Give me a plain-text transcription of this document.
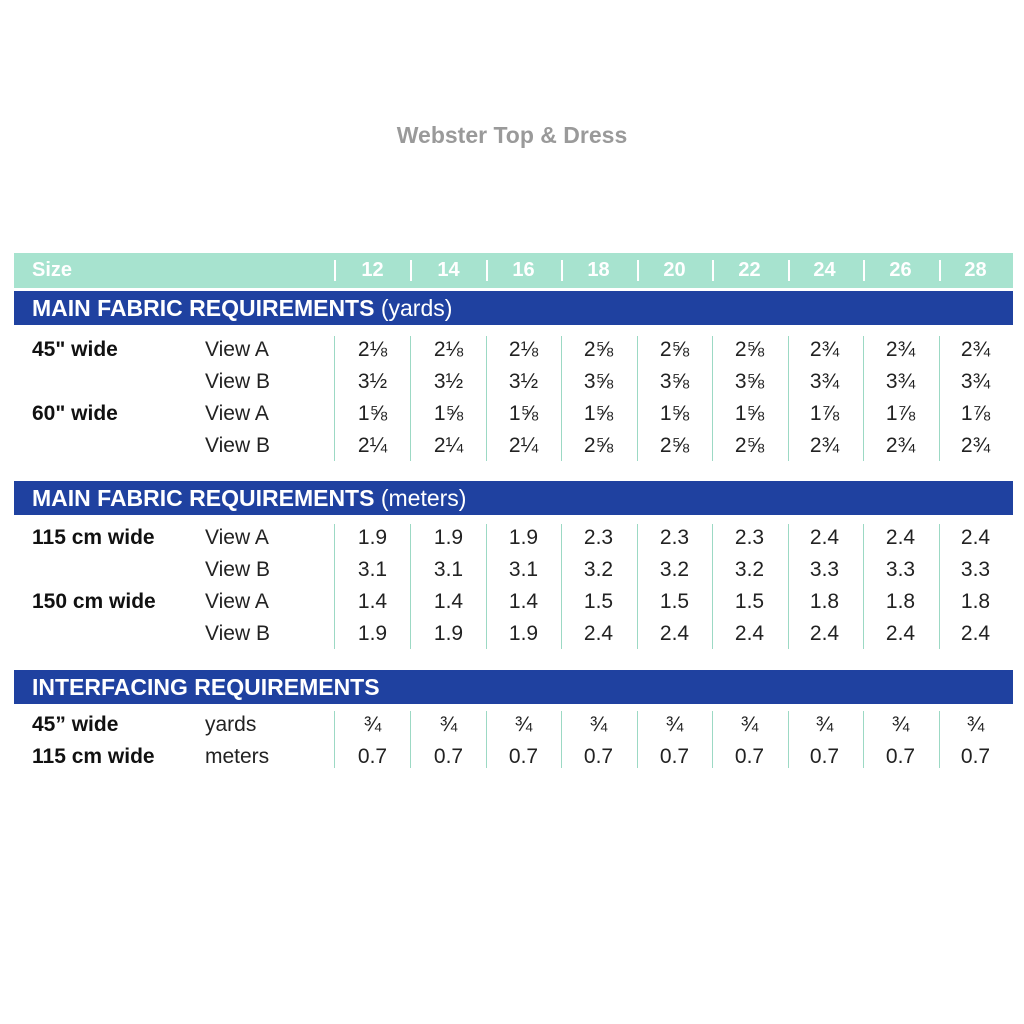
Webster Top & Dress
Size	12	14	16	18	20	22	24	26	28
MAIN FABRIC REQUIREMENTS (yards)
45" wide	View A	2⅛	2⅛	2⅛	2⅝	2⅝	2⅝	2¾	2¾	2¾
View B	3½	3½	3½	3⅝	3⅝	3⅝	3¾	3¾	3¾
60" wide	View A	1⅝	1⅝	1⅝	1⅝	1⅝	1⅝	1⅞	1⅞	1⅞
View B	2¼	2¼	2¼	2⅝	2⅝	2⅝	2¾	2¾	2¾
MAIN FABRIC REQUIREMENTS (meters)
115 cm wide View A	1.9	1.9	1.9	2.3	2.3	2.3	2.4	2.4	2.4
View B	3.1	3.1	3.1	3.2	3.2	3.2	3.3	3.3	3.3
150 cm wide View A	1.4	1.4	1.4	1.5	1.5	1.5	1.8	1.8	1.8
View B	1.9	1.9	1.9	2.4	2.4	2.4	2.4	2.4	2.4
INTERFACING REQUIREMENTS
45” wide	yards	¾	¾	¾	¾	¾	¾	¾	¾	¾
115 cm wide meters	0.7	0.7	0.7	0.7	0.7	0.7	0.7	0.7	0.7
